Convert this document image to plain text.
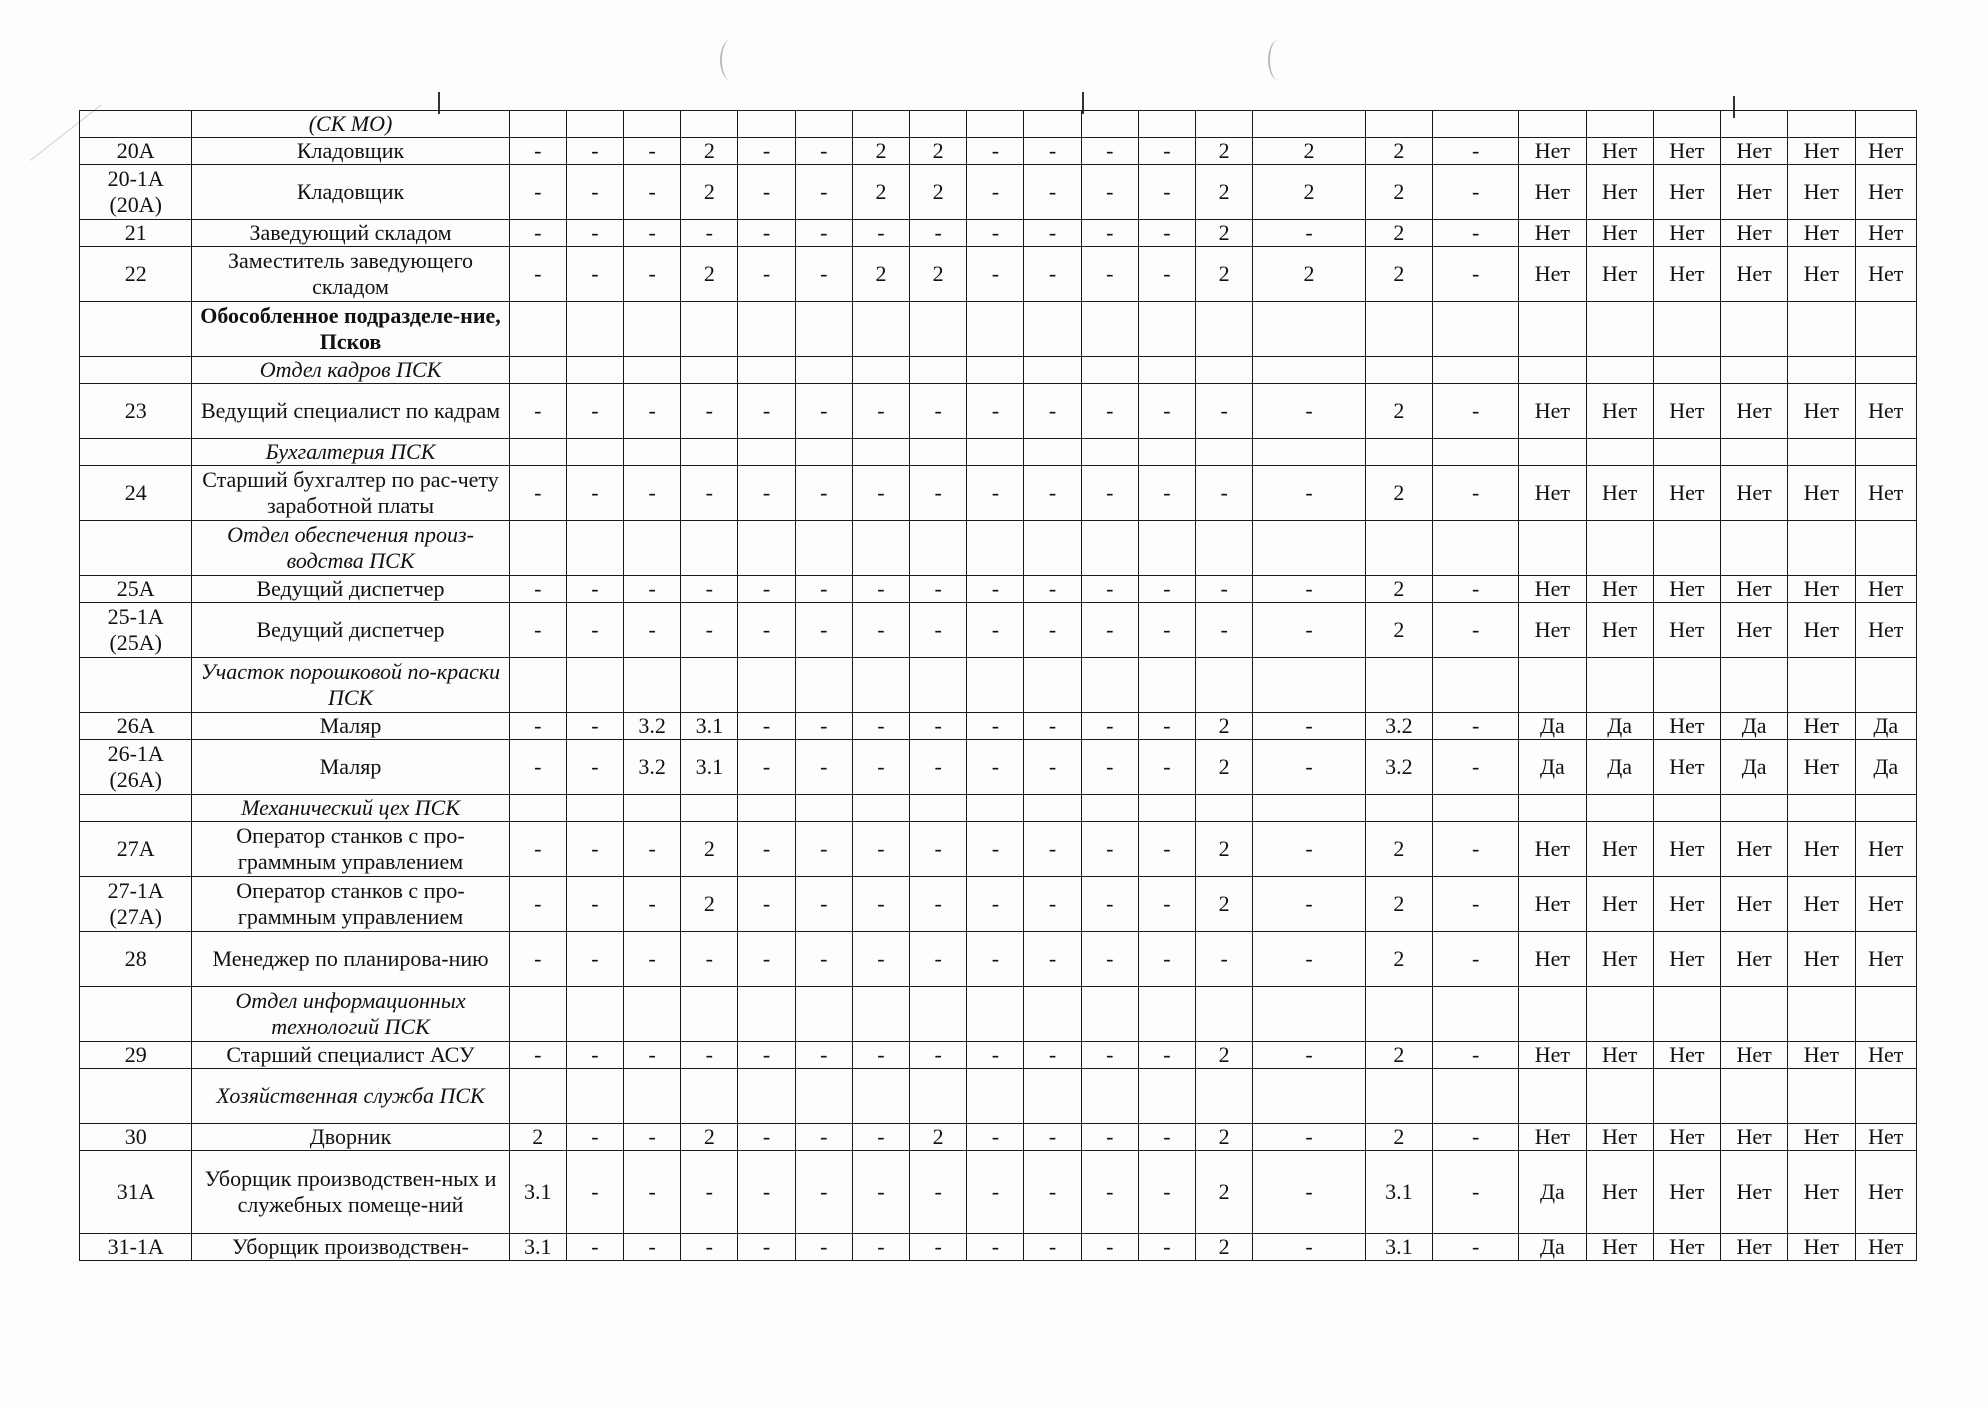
	(СК МО)																						
20А	Кладовщик	-	-	-	2	-	-	2	2	-	-	-	-	2	2	2	-	Нет	Нет	Нет	Нет	Нет	Нет
20-1А (20А)	Кладовщик	-	-	-	2	-	-	2	2	-	-	-	-	2	2	2	-	Нет	Нет	Нет	Нет	Нет	Нет
21	Заведующий складом	-	-	-	-	-	-	-	-	-	-	-	-	2	-	2	-	Нет	Нет	Нет	Нет	Нет	Нет
22	Заместитель заведующего складом	-	-	-	2	-	-	2	2	-	-	-	-	2	2	2	-	Нет	Нет	Нет	Нет	Нет	Нет
	Обособленное подразделе-ние, Псков																						
	Отдел кадров ПСК																						
23	Ведущий специалист по кадрам	-	-	-	-	-	-	-	-	-	-	-	-	-	-	2	-	Нет	Нет	Нет	Нет	Нет	Нет
	Бухгалтерия ПСК																						
24	Старший бухгалтер по рас-чету заработной платы	-	-	-	-	-	-	-	-	-	-	-	-	-	-	2	-	Нет	Нет	Нет	Нет	Нет	Нет
	Отдел обеспечения произ-водства ПСК																						
25А	Ведущий диспетчер	-	-	-	-	-	-	-	-	-	-	-	-	-	-	2	-	Нет	Нет	Нет	Нет	Нет	Нет
25-1А (25А)	Ведущий диспетчер	-	-	-	-	-	-	-	-	-	-	-	-	-	-	2	-	Нет	Нет	Нет	Нет	Нет	Нет
	Участок порошковой по-краски ПСК																						
26А	Маляр	-	-	3.2	3.1	-	-	-	-	-	-	-	-	2	-	3.2	-	Да	Да	Нет	Да	Нет	Да
26-1А (26А)	Маляр	-	-	3.2	3.1	-	-	-	-	-	-	-	-	2	-	3.2	-	Да	Да	Нет	Да	Нет	Да
	Механический цех ПСК																						
27А	Оператор станков с про-граммным управлением	-	-	-	2	-	-	-	-	-	-	-	-	2	-	2	-	Нет	Нет	Нет	Нет	Нет	Нет
27-1А (27А)	Оператор станков с про-граммным управлением	-	-	-	2	-	-	-	-	-	-	-	-	2	-	2	-	Нет	Нет	Нет	Нет	Нет	Нет
28	Менеджер по планирова-нию	-	-	-	-	-	-	-	-	-	-	-	-	-	-	2	-	Нет	Нет	Нет	Нет	Нет	Нет
	Отдел информационных технологий ПСК																						
29	Старший специалист АСУ	-	-	-	-	-	-	-	-	-	-	-	-	2	-	2	-	Нет	Нет	Нет	Нет	Нет	Нет
	Хозяйственная служба ПСК																						
30	Дворник	2	-	-	2	-	-	-	2	-	-	-	-	2	-	2	-	Нет	Нет	Нет	Нет	Нет	Нет
31А	Уборщик производствен-ных и служебных помеще-ний	3.1	-	-	-	-	-	-	-	-	-	-	-	2	-	3.1	-	Да	Нет	Нет	Нет	Нет	Нет
31-1А	Уборщик производствен-	3.1	-	-	-	-	-	-	-	-	-	-	-	2	-	3.1	-	Да	Нет	Нет	Нет	Нет	Нет
